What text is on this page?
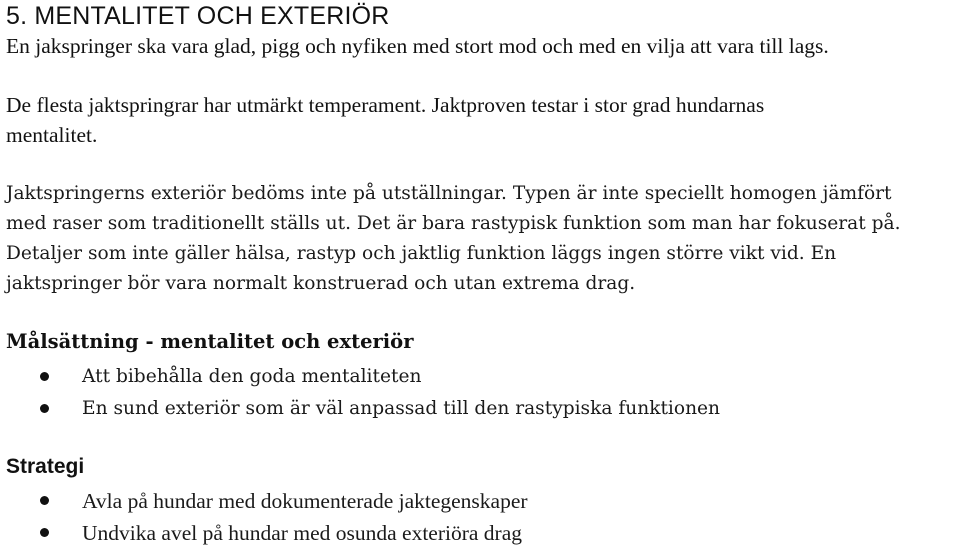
5. MENTALITET OCH EXTERIÖR

En jakspringer ska vara glad, pigg och nyfiken med stort mod och med en vilja att vara till lags.

De flesta jaktspringrar har utmärkt temperament. Jaktproven testar i stor grad hundarnas

mentalitet.

Jaktspringerns exteriör bedöms inte på utställningar. Typen är inte speciellt homogen jämfört

med raser som traditionellt ställs ut. Det är bara rastypisk funktion som man har fokuserat på.

Detaljer som inte gäller hälsa, rastyp och jaktlig funktion läggs ingen större vikt vid. En

jaktspringer bör vara normalt konstruerad och utan extrema drag.

Målsättning - mentalitet och exteriör

Att bibehålla den goda mentaliteten

En sund exteriör som är väl anpassad till den rastypiska funktionen

Strategi

Avla på hundar med dokumenterade jaktegenskaper

Undvika avel på hundar med osunda exteriöra drag
